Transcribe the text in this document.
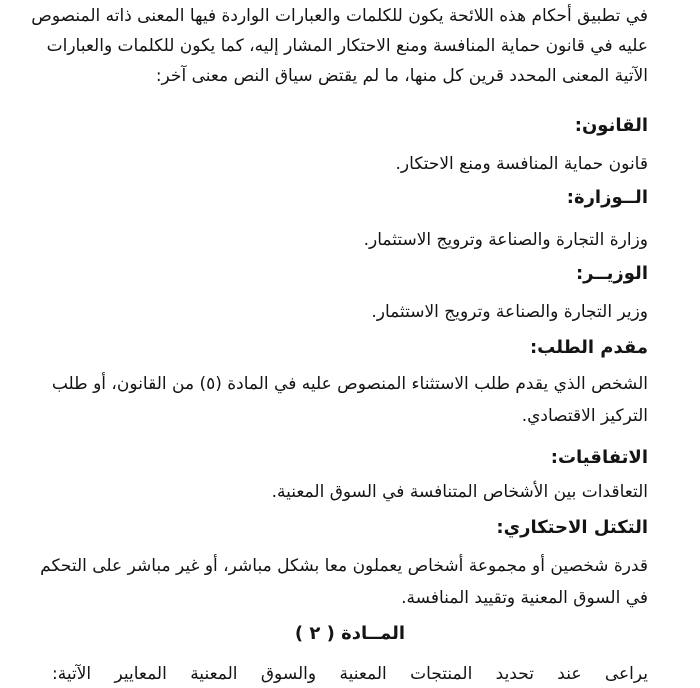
في تطبيق أحكام هذه اللائحة يكون للكلمات والعبارات الواردة فيها المعنى ذاته المنصوص
عليه في قانون حماية المنافسة ومنع الاحتكار المشار إليه، كما يكون للكلمات والعبارات
الآتية المعنى المحدد قرين كل منها، ما لم يقتض سياق النص معنى آخر:
القانون:
قانون حماية المنافسة ومنع الاحتكار.
الــوزارة:
وزارة التجارة والصناعة وترويج الاستثمار.
الوزيــر:
وزير التجارة والصناعة وترويج الاستثمار.
مقدم الطلب:
الشخص الذي يقدم طلب الاستثناء المنصوص عليه في المادة (٥) من القانون، أو طلب
التركيز الاقتصادي.
الاتفاقيات:
التعاقدات بين الأشخاص المتنافسة في السوق المعنية.
التكتل الاحتكاري:
قدرة شخصين أو مجموعة أشخاص يعملون معا بشكل مباشر، أو غير مباشر على التحكم
في السوق المعنية وتقييد المنافسة.
المــادة ( ٢ )
يراعى عند تحديد المنتجات المعنية والسوق المعنية المعايير الآتية:
